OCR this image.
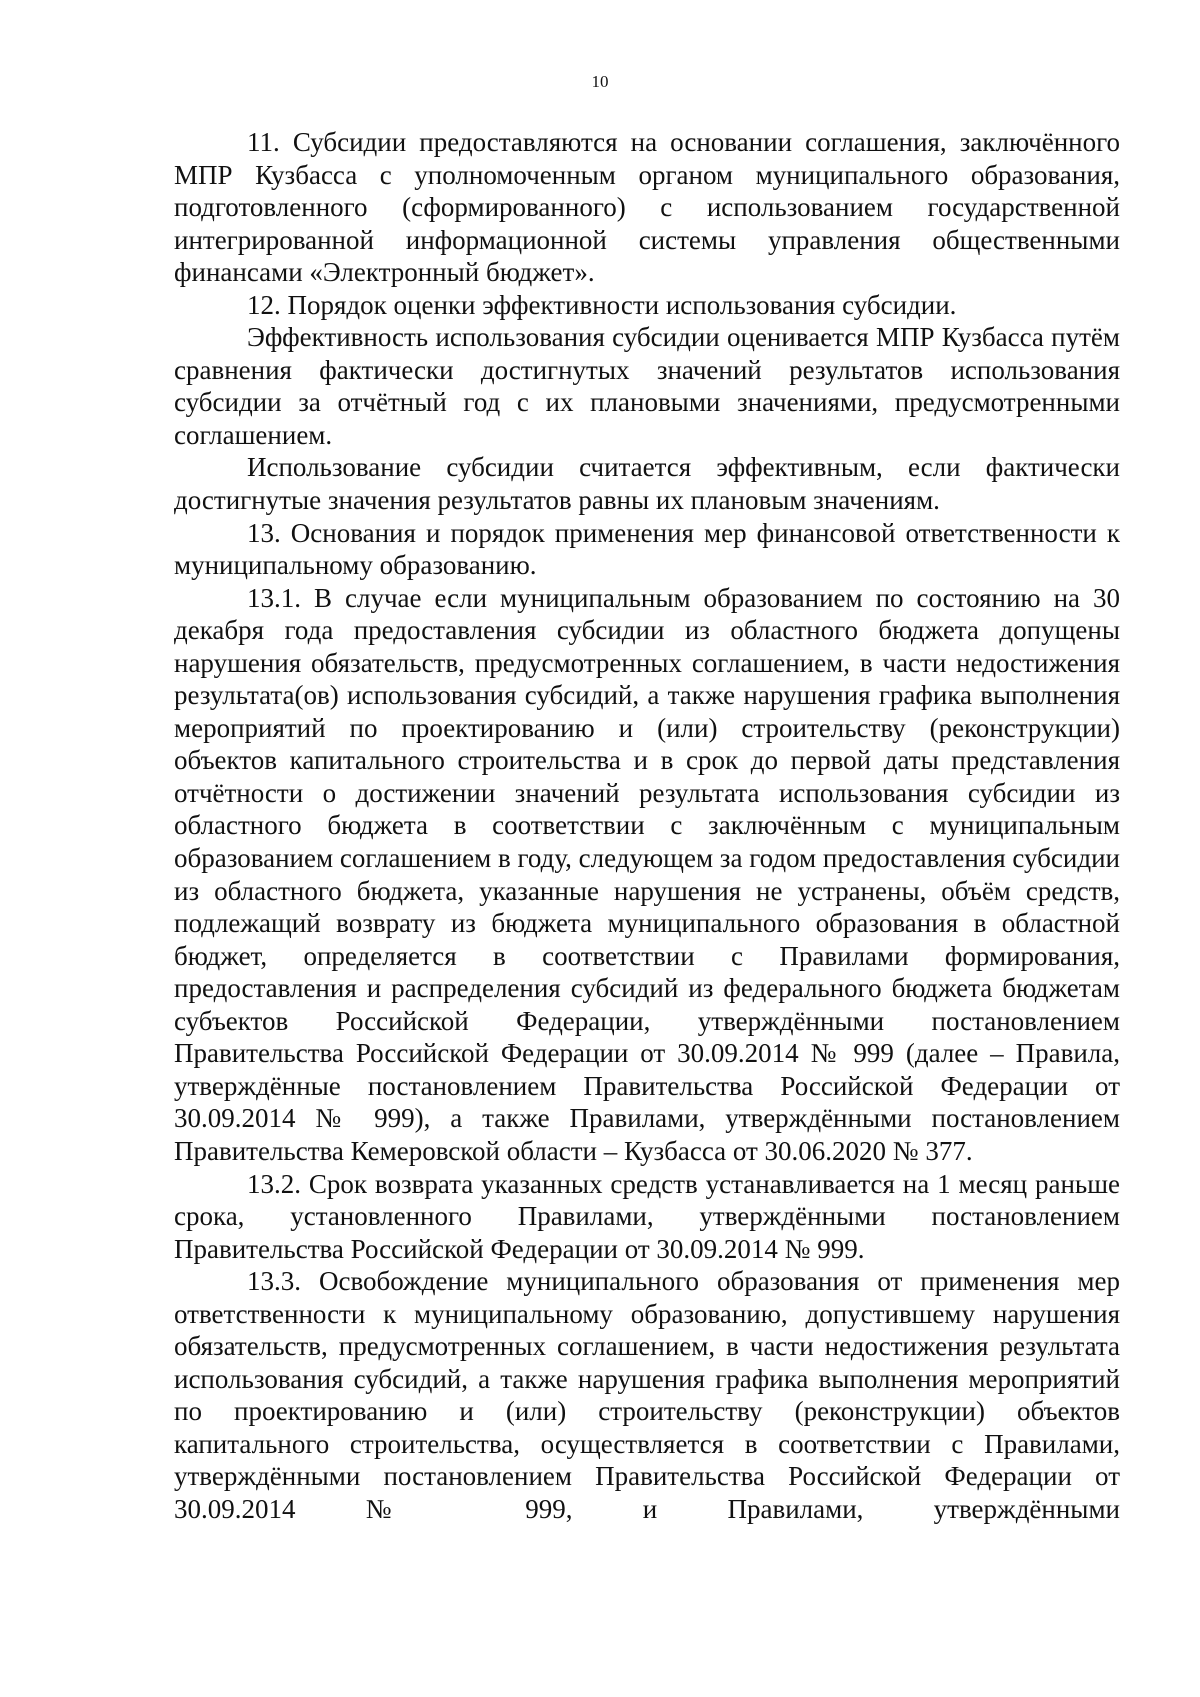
10

11. Субсидии предоставляются на основании соглашения, заключённого МПР Кузбасса с уполномоченным органом муниципального образования, подготовленного (сформированного) с использованием государственной интегрированной информационной системы управления общественными финансами «Электронный бюджет».

12. Порядок оценки эффективности использования субсидии.

Эффективность использования субсидии оценивается МПР Кузбасса путём сравнения фактически достигнутых значений результатов использования субсидии за отчётный год с их плановыми значениями, предусмотренными соглашением.

Использование субсидии считается эффективным, если фактически достигнутые значения результатов равны их плановым значениям.

13. Основания и порядок применения мер финансовой ответственности к муниципальному образованию.

13.1. В случае если муниципальным образованием по состоянию на 30 декабря года предоставления субсидии из областного бюджета допущены нарушения обязательств, предусмотренных соглашением, в части недостижения результата(ов) использования субсидий, а также нарушения графика выполнения мероприятий по проектированию и (или) строительству (реконструкции) объектов капитального строительства и в срок до первой даты представления отчётности о достижении значений результата использования субсидии из областного бюджета в соответствии с заключённым с муниципальным образованием соглашением в году, следующем за годом предоставления субсидии из областного бюджета, указанные нарушения не устранены, объём средств, подлежащий возврату из бюджета муниципального образования в областной бюджет, определяется в соответствии с Правилами формирования, предоставления и распределения субсидий из федерального бюджета бюджетам субъектов Российской Федерации, утверждёнными постановлением Правительства Российской Федерации от 30.09.2014 № 999 (далее – Правила, утверждённые постановлением Правительства Российской Федерации от 30.09.2014 № 999), а также Правилами, утверждёнными постановлением Правительства Кемеровской области – Кузбасса от 30.06.2020 № 377.

13.2. Срок возврата указанных средств устанавливается на 1 месяц раньше срока, установленного Правилами, утверждёнными постановлением Правительства Российской Федерации от 30.09.2014 № 999.

13.3. Освобождение муниципального образования от применения мер ответственности к муниципальному образованию, допустившему нарушения обязательств, предусмотренных соглашением, в части недостижения результата использования субсидий, а также нарушения графика выполнения мероприятий по проектированию и (или) строительству (реконструкции) объектов капитального строительства, осуществляется в соответствии с Правилами, утверждёнными постановлением Правительства Российской Федерации от 30.09.2014 № 999, и Правилами, утверждёнными
